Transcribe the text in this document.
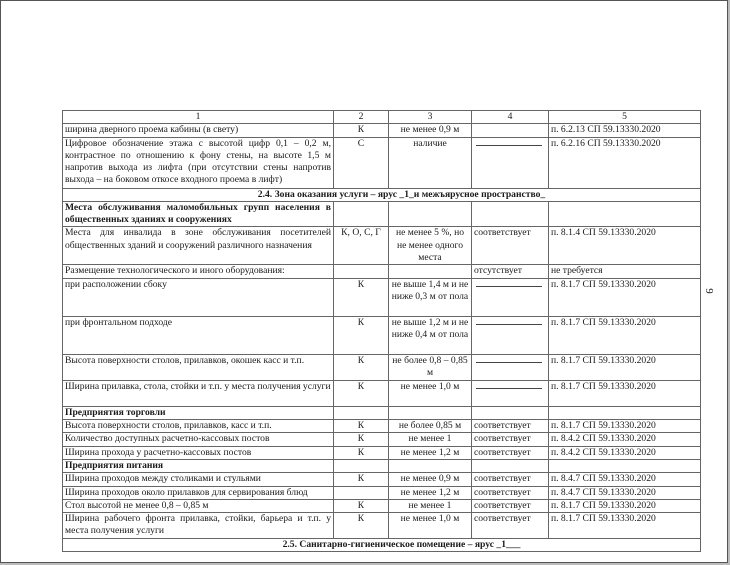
9
1	2	3	4	5
ширина дверного проема кабины (в свету)	К	не менее 0,9 м		п. 6.2.13 СП 59.13330.2020
Цифровое обозначение этажа с высотой цифр 0,1 – 0,2 м, контрастное по отношению к фону стены, на высоте 1,5 м напротив выхода из лифта (при отсутствии стены напротив выхода – на боковом откосе входного проема в лифт)	С	наличие		п. 6.2.16 СП 59.13330.2020
2.4. Зона оказания услуги – ярус _1_и межъярусное пространство_				
Места обслуживания маломобильных групп населения в общественных зданиях и сооружениях				
Места для инвалида в зоне обслуживания посетителей общественных зданий и сооружений различного назначения	К, О, С, Г	не менее 5 %, но не менее одного места	соответствует	п. 8.1.4 СП 59.13330.2020
Размещение технологического и иного оборудования:			отсутствует	не требуется
при расположении сбоку	К	не выше 1,4 м и не ниже 0,3 м от пола		п. 8.1.7 СП 59.13330.2020
при фронтальном подходе	К	не выше 1,2 м и не ниже 0,4 м от пола		п. 8.1.7 СП 59.13330.2020
Высота поверхности столов, прилавков, окошек касс и т.п.	К	не более 0,8 – 0,85 м		п. 8.1.7 СП 59.13330.2020
Ширина прилавка, стола, стойки и т.п. у места получения услуги	К	не менее 1,0 м		п. 8.1.7 СП 59.13330.2020
Предприятия торговли				
Высота поверхности столов, прилавков, касс и т.п.	К	не более 0,85 м	соответствует	п. 8.1.7 СП 59.13330.2020
Количество доступных расчетно-кассовых постов	К	не менее 1	соответствует	п. 8.4.2 СП 59.13330.2020
Ширина прохода у расчетно-кассовых постов	К	не менее 1,2 м	соответствует	п. 8.4.2 СП 59.13330.2020
Предприятия питания				
Ширина проходов между столиками и стульями	К	не менее 0,9 м	соответствует	п. 8.4.7 СП 59.13330.2020
Ширина проходов около прилавков для сервирования блюд		не менее 1,2 м	соответствует	п. 8.4.7 СП 59.13330.2020
Стол высотой не менее 0,8 – 0,85 м	К	не менее 1	соответствует	п. 8.1.7 СП 59.13330.2020
Ширина рабочего фронта прилавка, стойки, барьера и т.п. у места получения услуги	К	не менее 1,0 м	соответствует	п. 8.1.7 СП 59.13330.2020
2.5. Санитарно-гигиеническое помещение – ярус _1___				
